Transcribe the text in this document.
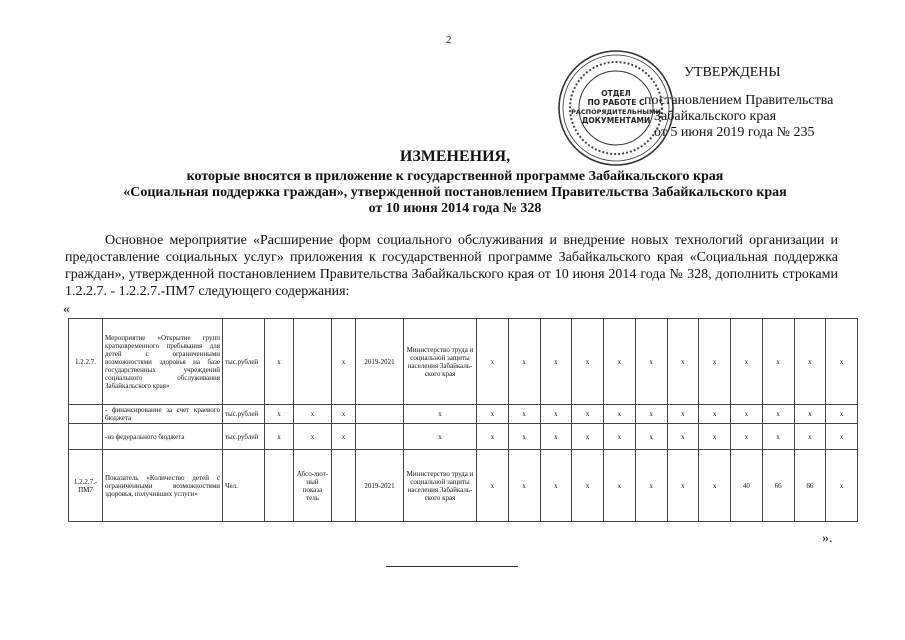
2
ОТДЕЛ
ПО РАБОТЕ С
РАСПОРЯДИТЕЛЬНЫМИ
ДОКУМЕНТАМИ
УТВЕРЖДЕНЫ
постановлением Правительства
Забайкальского края
от 5 июня 2019 года № 235
ИЗМЕНЕНИЯ,
которые вносятся в приложение к государственной программе Забайкальского края
«Социальная поддержка граждан», утвержденной постановлением Правительства Забайкальского края
от 10 июня 2014 года № 328
Основное мероприятие «Расширение форм социального обслуживания и внедрение новых технологий организации и предоставление социальных услуг» приложения к государственной программе Забайкальского края «Социальная поддержка граждан», утвержденной постановлением Правительства Забайкальского края от 10 июня 2014 года № 328, дополнить строками 1.2.2.7. - 1.2.2.7.-ПМ7 следующего содержания:
«
1.2.2.7.	Мероприятие «Открытие групп кратковременного пребывания для детей с ограниченными возможностями здоровья на базе государственных учреждений социального обслуживания Забайкальского края»	тыс.рублей	х		х	2019-2021	Министерство труда и социальной защиты населения Забайкаль-ского края	х	х	х	х	х	х	х	х	х	х	х	х
	- финансирование за счет краевого бюджета	тыс.рублей	х	х	х		х	х	х	х	х	х	х	х	х	х	х	х	х
	-из федерального бюджета	тыс.рублей	х	х	х		х	х	х	х	х	х	х	х	х	х	х	х	х
1.2.2.7.-ПМ7	Показатель «Количество детей с ограниченными возможностями здоровья, получивших услуги»	Чел.		Абсо-лют-ный показа тель		2019-2021	Министерство труда и социальной защиты населения Забайкаль-ского края	х	х	х	х	х	х	х	х	40	66	66	х
».
